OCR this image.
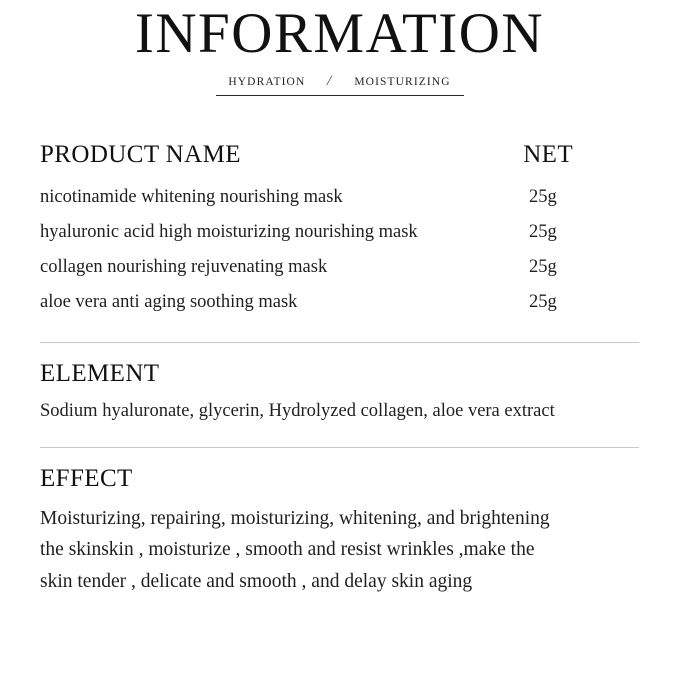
INFORMATION
HYDRATION / MOISTURIZING
PRODUCT NAME	NET
nicotinamide whitening nourishing mask	25g
hyaluronic acid high moisturizing nourishing mask	25g
collagen nourishing rejuvenating mask	25g
aloe vera anti aging soothing mask	25g
ELEMENT

Sodium hyaluronate, glycerin, Hydrolyzed collagen, aloe vera extract

EFFECT

Moisturizing, repairing, moisturizing, whitening, and brightening

the skinskin , moisturize , smooth and resist wrinkles ,make the

skin tender , delicate and smooth , and delay skin aging
